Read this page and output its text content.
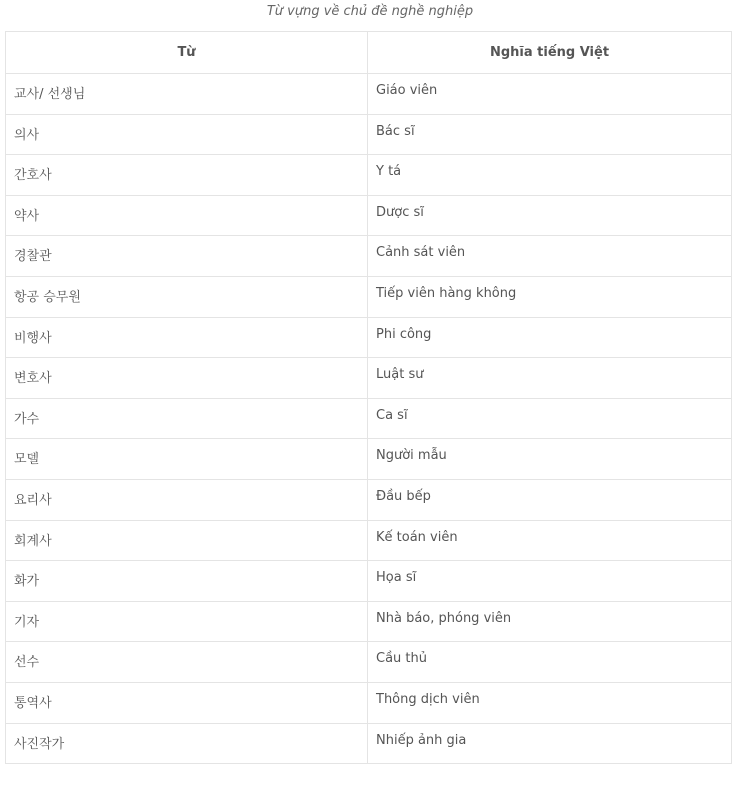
Từ vựng về chủ đề nghề nghiệp
Từ	Nghĩa tiếng Việt
교사/ 선생님	Giáo viên
의사	Bác sĩ
간호사	Y tá
약사	Dược sĩ
경찰관	Cảnh sát viên
항공 승무원	Tiếp viên hàng không
비행사	Phi công
변호사	Luật sư
가수	Ca sĩ
모델	Người mẫu
요리사	Đầu bếp
회계사	Kế toán viên
화가	Họa sĩ
기자	Nhà báo, phóng viên
선수	Cầu thủ
통역사	Thông dịch viên
사진작가	Nhiếp ảnh gia
